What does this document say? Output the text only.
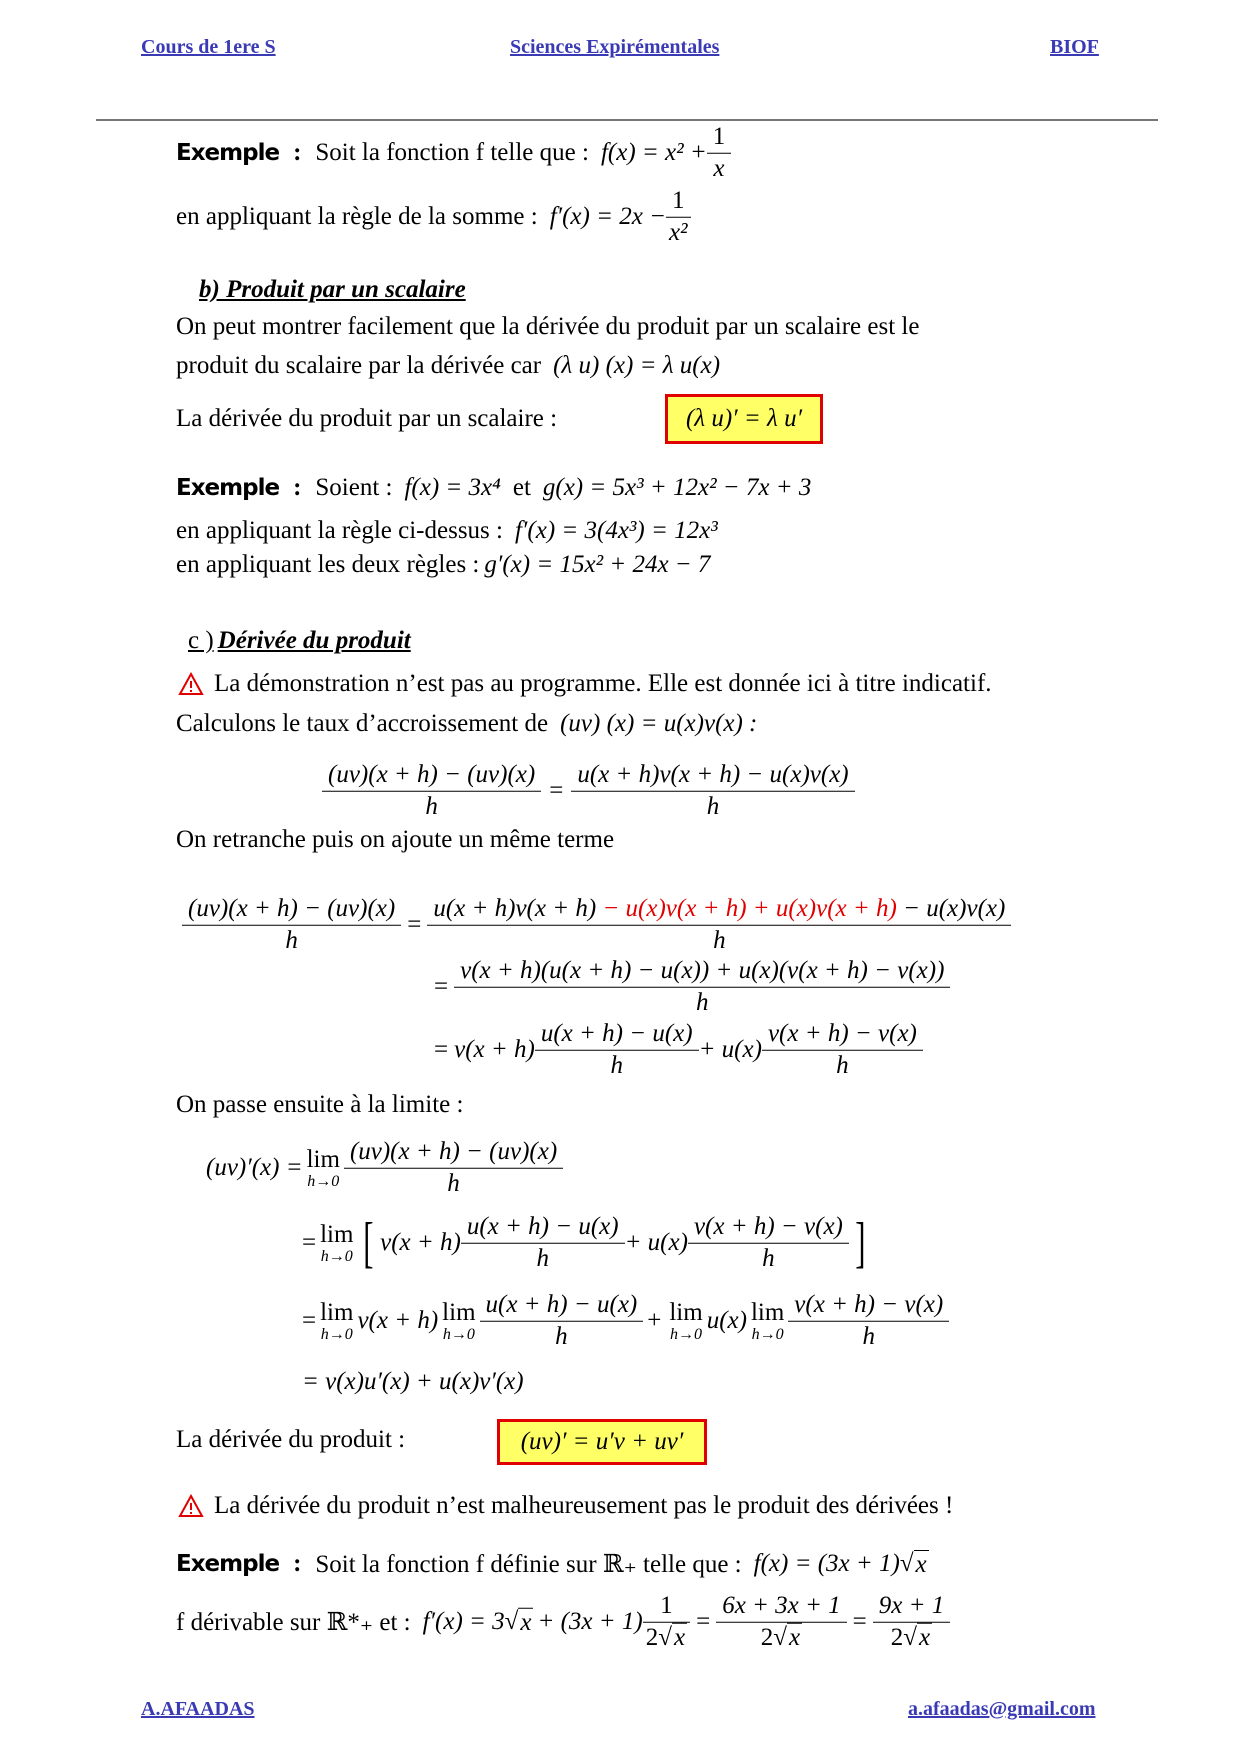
Cours de 1ere S	Sciences Expirémentales	BIOF
Exemple : Soit la fonction f telle que : $f(x) = x^2 + \frac{1}{x}$
en appliquant la règle de la somme : $f'(x) = 2x - \frac{1}{\text{x²}}$
b) Produit par un scalaire
On peut montrer facilement que la dérivée du produit par un scalaire est le
produit du scalaire par la dérivée car (λ u) (x) = λ u(x)
La dérivée du produit par un scalaire :	(λ u)′ = λ u′
Exemple : Soient : f(x) = 3x⁴ et g(x) = 5x³ + 12x² − 7x + 3
en appliquant la règle ci-dessus : f′(x) = 3(4x³) = 12x³
en appliquant les deux règles : g′(x) = 15x² + 24x − 7
c ) Dérivée du produit
La démonstration n’est pas au programme. Elle est donnée ici à titre indicatif.
Calculons le taux d’accroissement de (uv) (x) = u(x)v(x) :
$\frac{(uv)(x + h) - (uv)(x)}{h} = \frac{u(x + h)v(x + h) - u(x)v(x)}{h}$
On retranche puis on ajoute un même terme
$\frac{(uv)(x + h) - (uv)(x)}{h} = \frac{u(x + h)v(x + h) - u(x)v(x + h) + u(x)v(x + h) - u(x)v(x)}{h}$
= $\frac{v(x + h)(u(x + h) - u(x)) + u(x)(v(x + h) - v(x))}{h}$
= $v(x + h) \frac{u(x + h) - u(x)}{h} + u(x) \frac{v(x + h) - v(x)}{h}$
On passe ensuite à la limite :
(uv)′(x) = lim
$h\to 0 \frac{(uv)(x + h) - (uv)(x)}{h}$
= lim
h→0 [ $v(x + h) \frac{u(x + h) - u(x)}{h} + u(x) \frac{v(x + h) - v(x)}{h}$ ]
= lim
h→0 v(x + h) lim
$h\to 0 \frac{u(x + h) - u(x)}{h} + \lim$
h→0 u(x) lim
$h\to 0 \frac{v(x + h) - v(x)}{h}$
= v(x)u′(x) + u(x)v′(x)
La dérivée du produit :	(uv)′ = u′v + uv′
La dérivée du produit n’est malheureusement pas le produit des dérivées !
Exemple : Soit la fonction f définie sur ℝ₊ telle que : f(x) = (3x + 1) √ x
f dérivable sur ℝ*₊ et : f′(x) = 3 √ $x + (3x + 1) \frac{1}{2√x} = \frac{6x + 3x + 1}{2√x} = \frac{9x + 1}{2√x}$
A.AFAADAS	a.afaadas@gmail.com
